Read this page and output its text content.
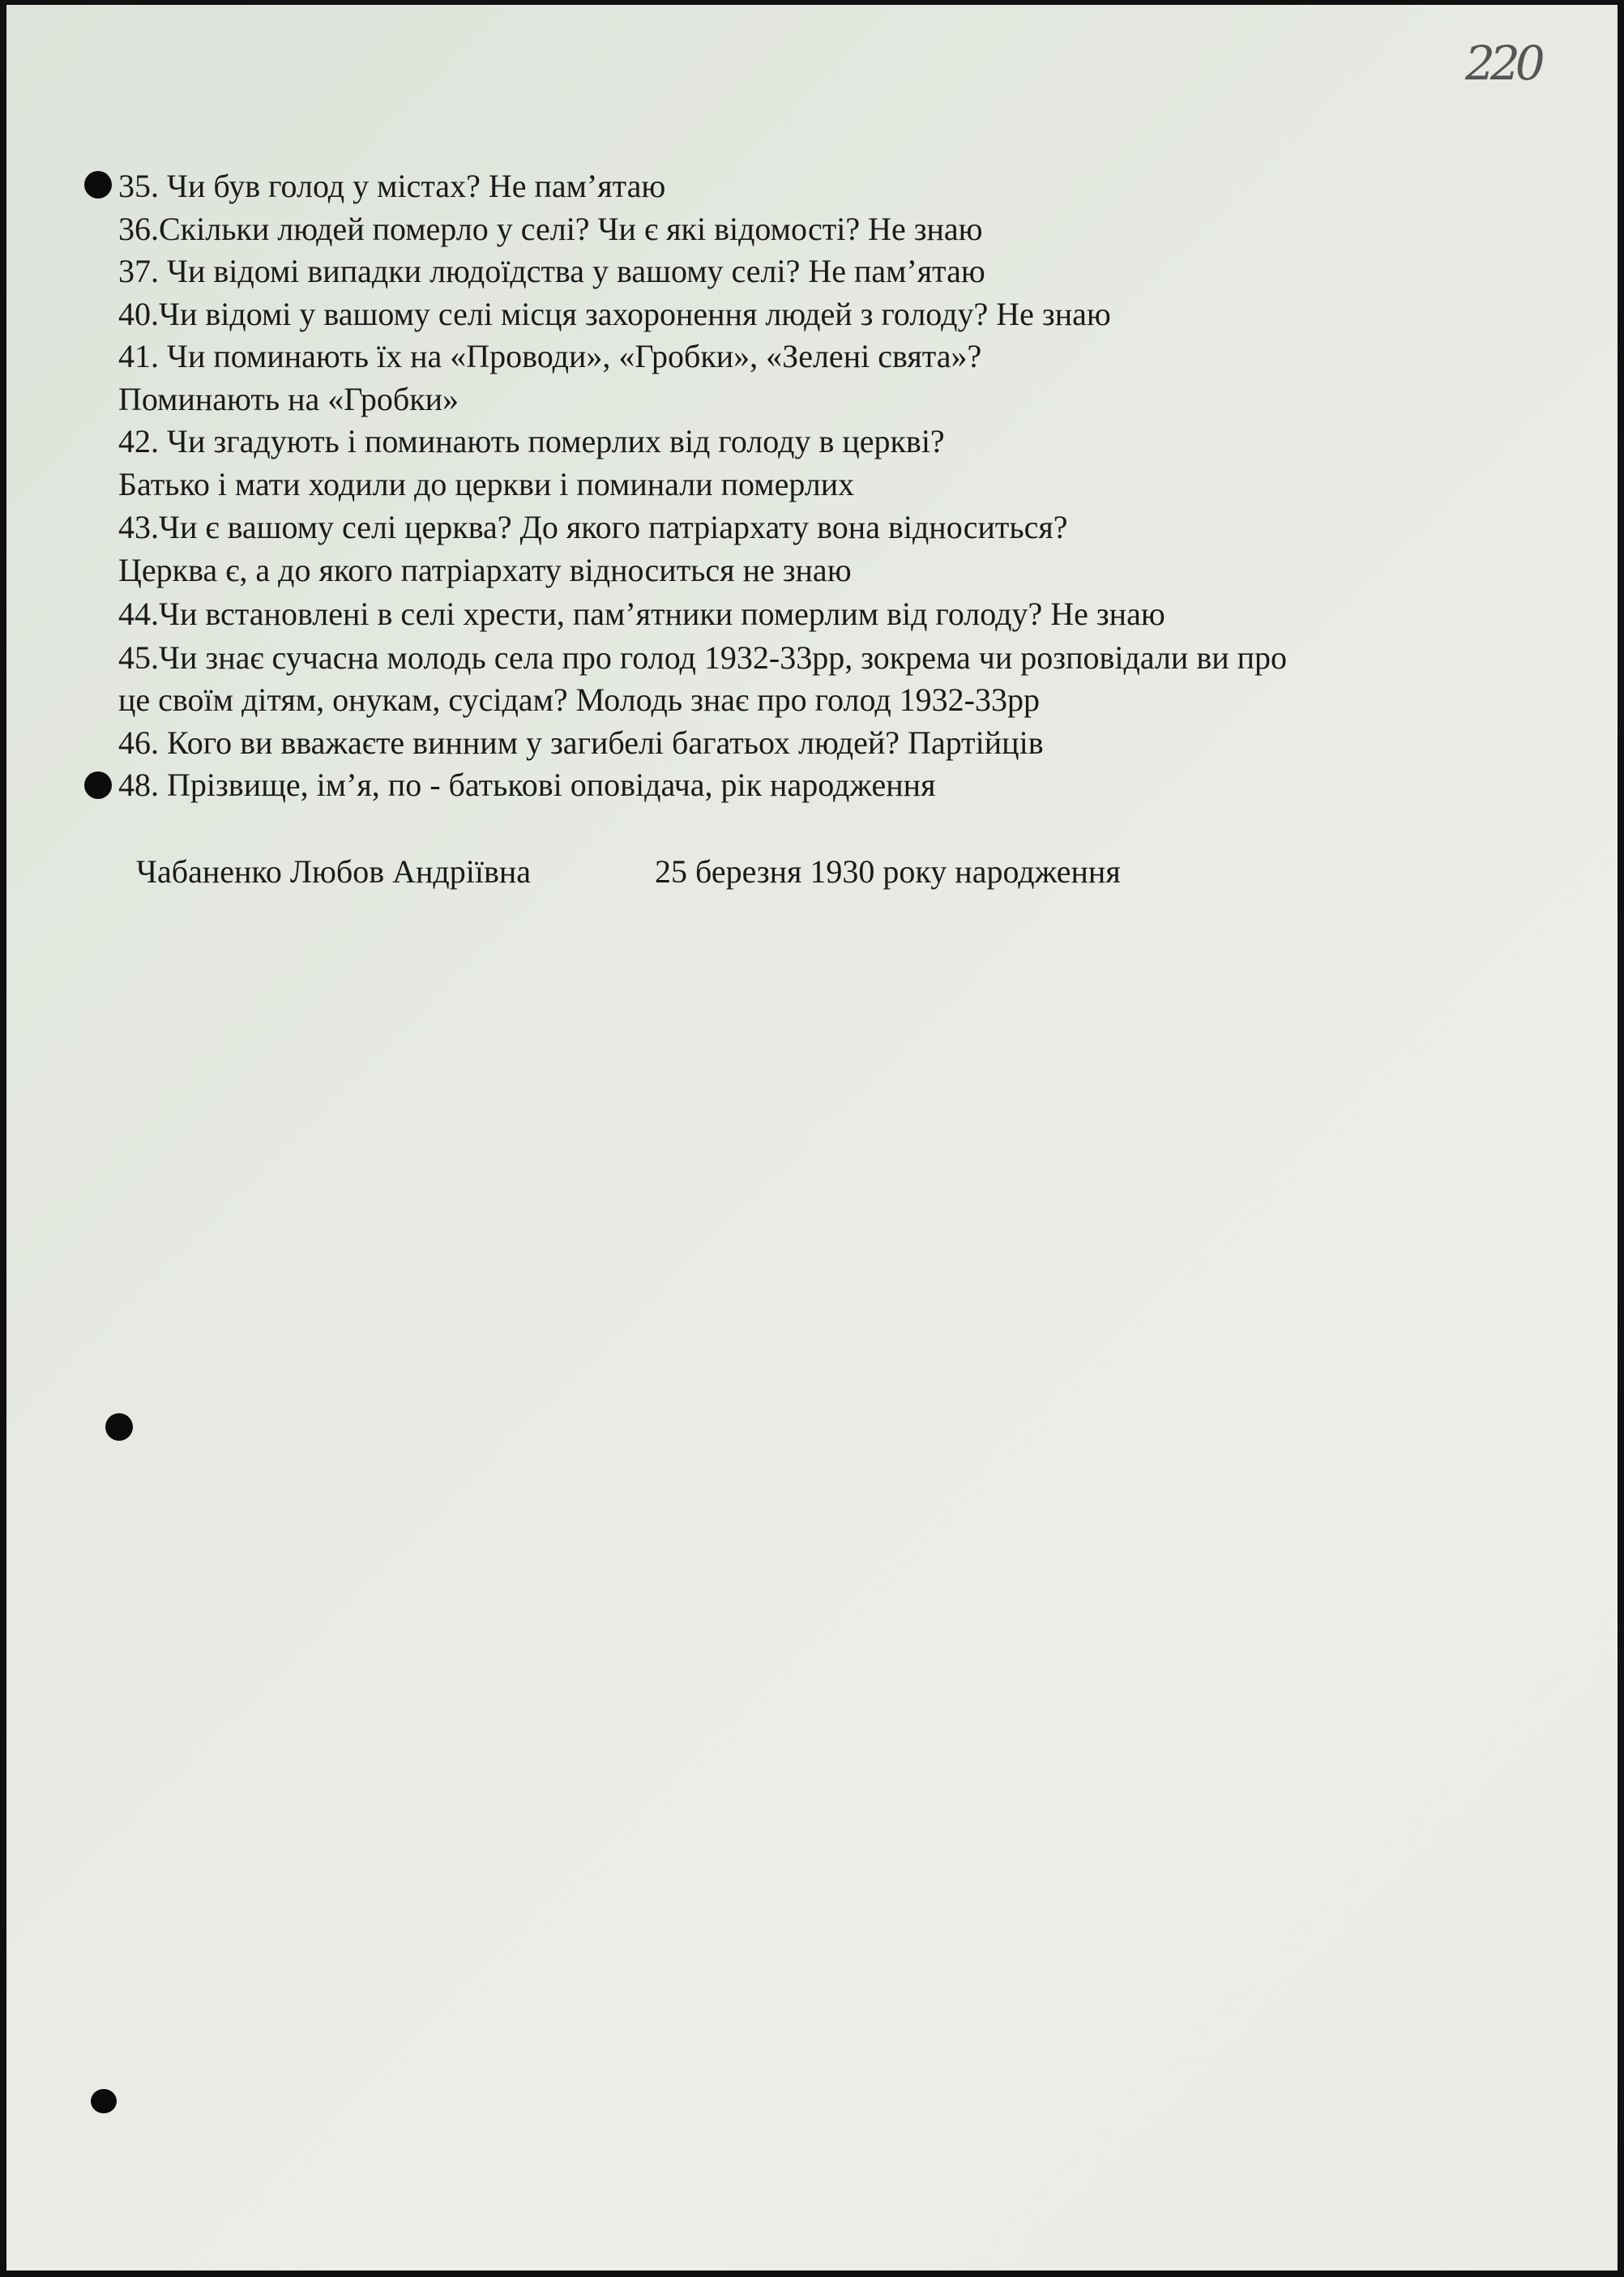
220
35. Чи був голод у містах? Не пам’ятаю
36.Скільки людей померло у селі? Чи є які відомості? Не знаю
37. Чи відомі випадки людоїдства у вашому селі? Не пам’ятаю
40.Чи відомі у вашому селі місця захоронення людей з голоду? Не знаю
41. Чи поминають їх на «Проводи», «Гробки», «Зелені свята»?
Поминають на «Гробки»
42. Чи згадують і поминають померлих від голоду в церкві?
Батько і мати ходили до церкви і поминали померлих
43.Чи є вашому селі церква? До якого патріархату вона відноситься?
Церква є, а до якого патріархату відноситься не знаю
44.Чи встановлені в селі хрести, пам’ятники померлим від голоду? Не знаю
45.Чи знає сучасна молодь села про голод 1932-33рр, зокрема чи розповідали ви про
це своїм дітям, онукам, сусідам? Молодь знає про голод 1932-33рр
46. Кого ви вважаєте винним у загибелі багатьох людей? Партійців
48. Прізвище, ім’я, по - батькові оповідача, рік народження
Чабаненко Любов Андріївна	25 березня 1930 року народження
